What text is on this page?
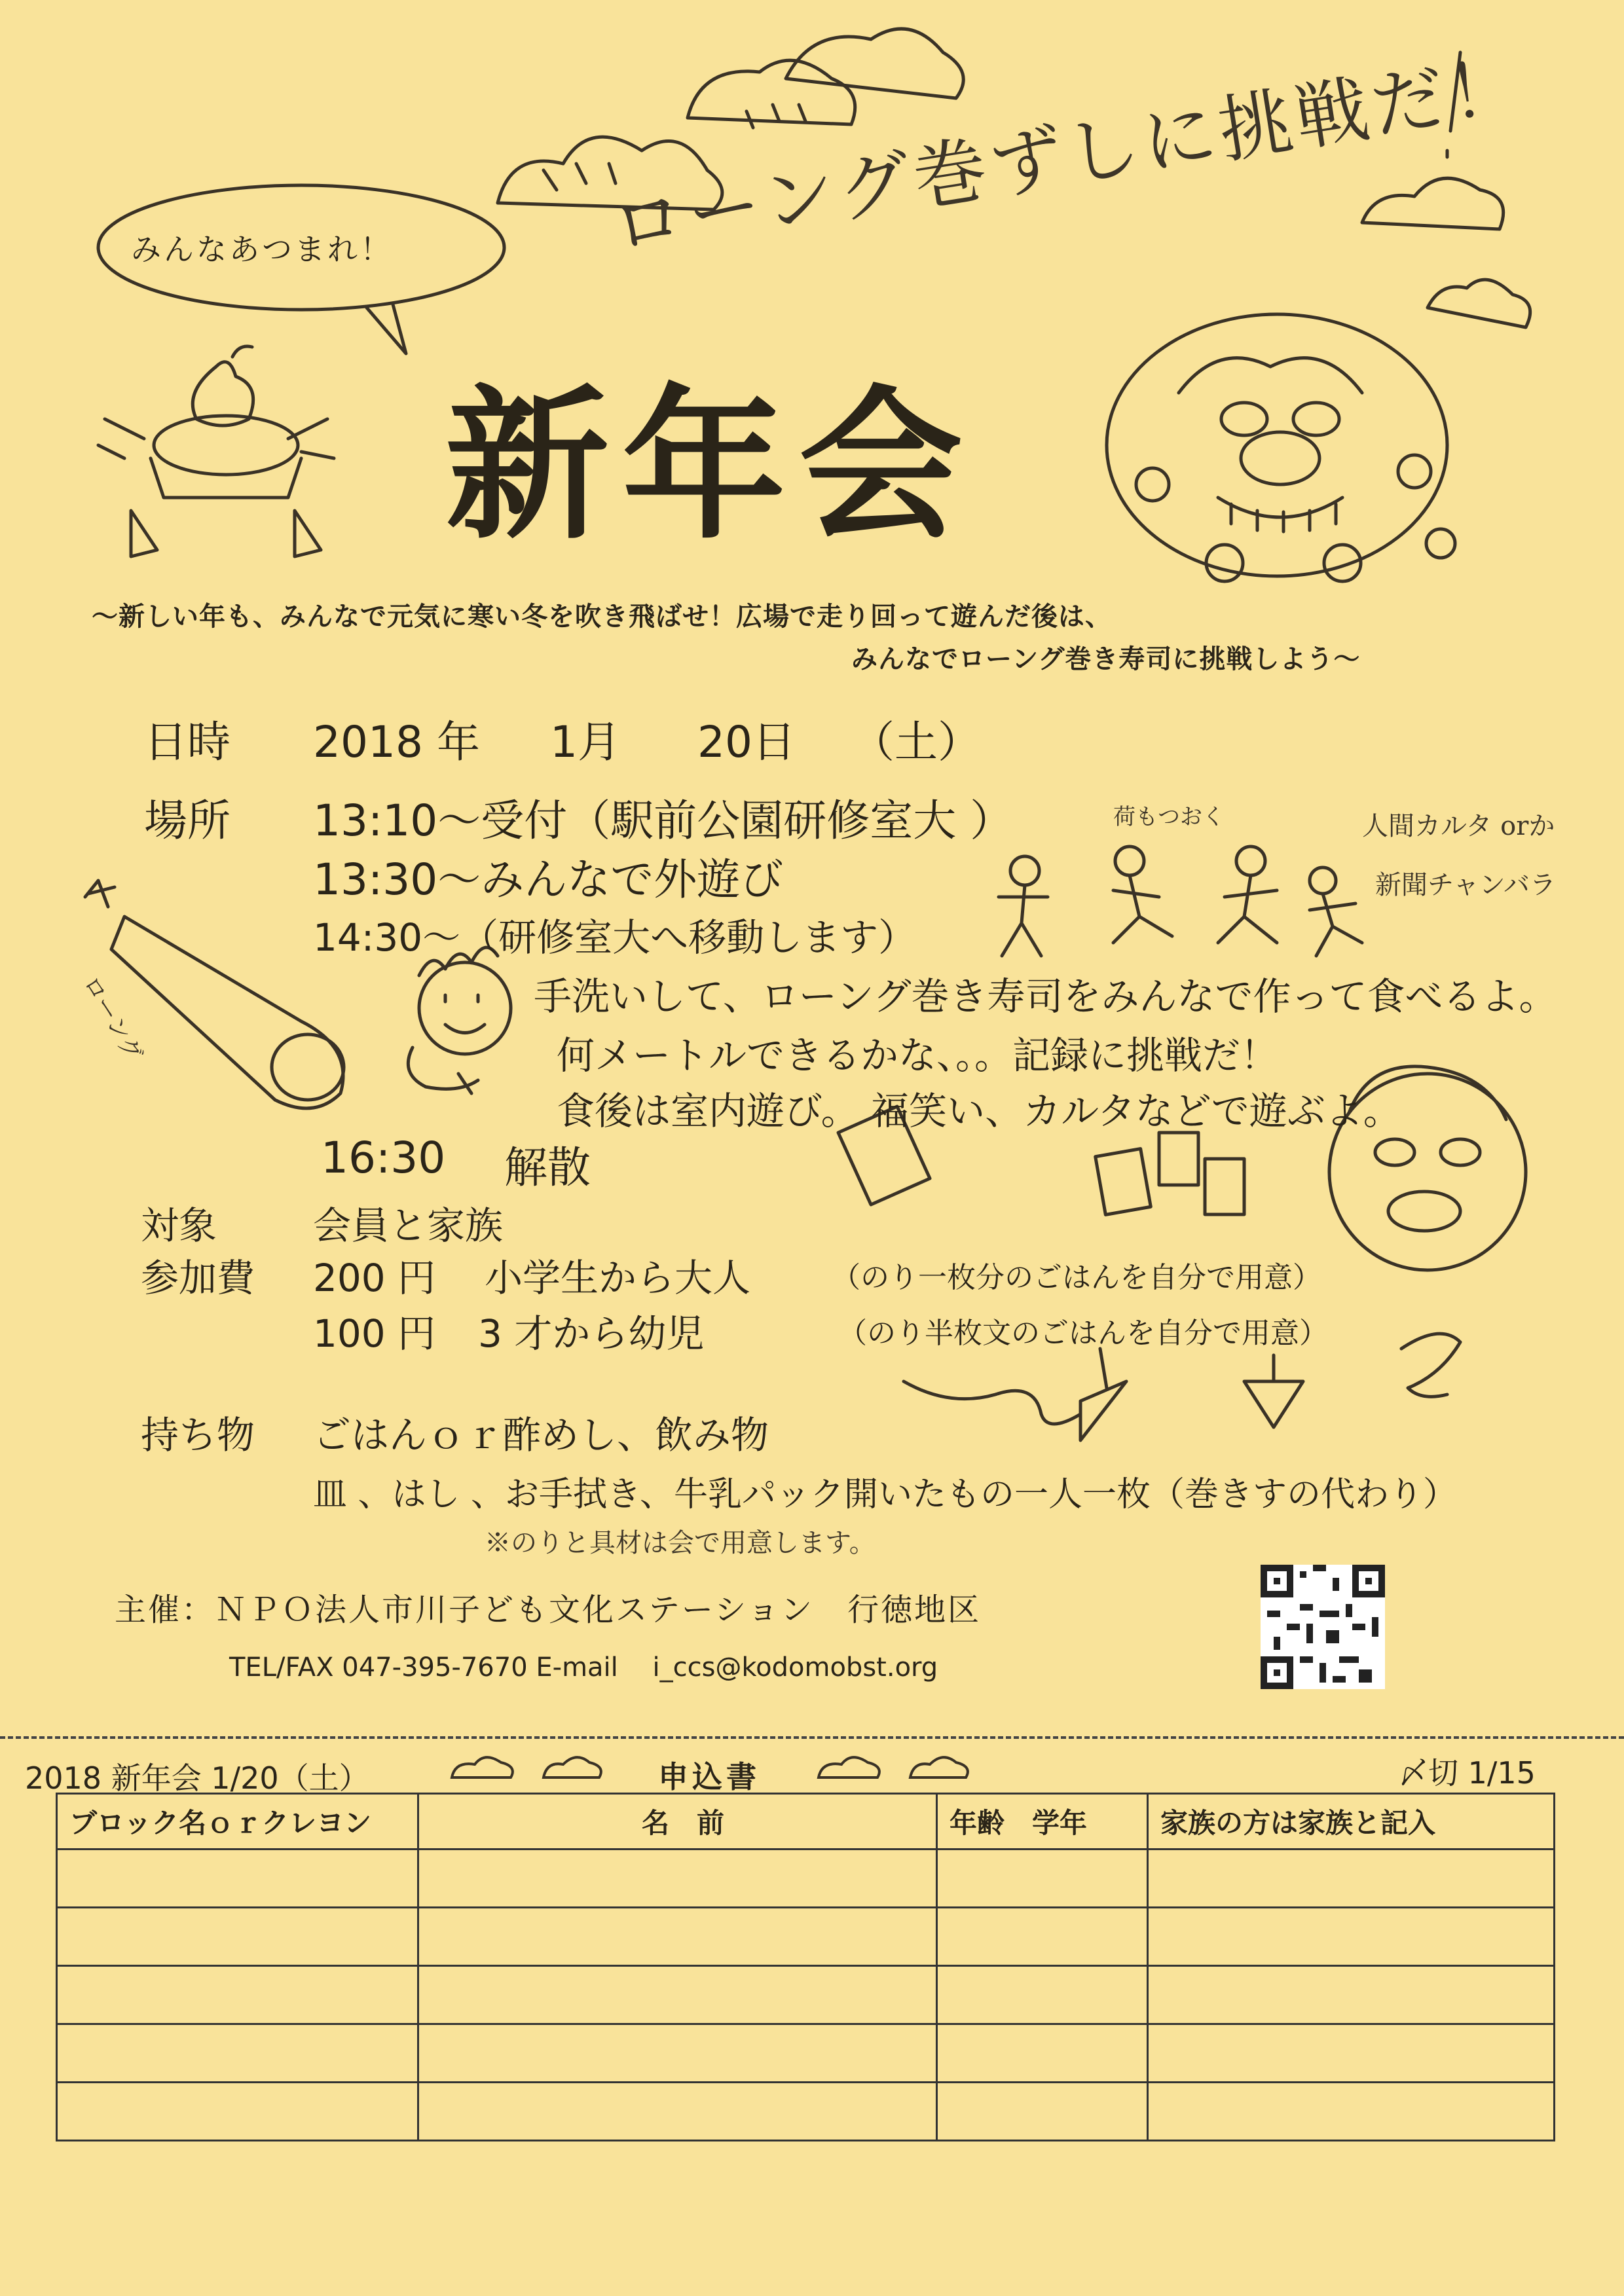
みんなあつまれ！	ローング巻ずしに挑戦だ！
新年会
～新しい年も、みんなで元気に寒い冬を吹き飛ばせ！広場で走り回って遊んだ後は、
みんなでローング巻き寿司に挑戦しよう～
日時 2018 年 1月 20日 （土）
場所 13:10～受付（駅前公園研修室大 ）
13:30～みんなで外遊び
14:30～（研修室大へ移動します）
手洗いして、ローング巻き寿司をみんなで作って食べるよ。
何メートルできるかな、。。記録に挑戦だ！
食後は室内遊び。 福笑い、カルタなどで遊ぶよ。
16:30 解散
荷もつおく	人間カルタ orか
新聞チャンバラ
ローング
対象	会員と家族
参加費 200 円 小学生から大人	（のり一枚分のごはんを自分で用意）
100 円 3 才から幼児	（のり半枚文のごはんを自分で用意）
持ち物 ごはんｏｒ酢めし、飲み物
皿 、はし 、お手拭き、牛乳パック開いたもの一人一枚（巻きすの代わり）
※のりと具材は会で用意します。
主催：ＮＰＯ法人市川子ども文化ステーション　行徳地区
TEL/FAX 047-395-7670 E-mail　 i_ccs@kodomobst.org
2018 新年会 1/20（土）	申込書	〆切 1/15
ブロック名ｏｒクレヨン	名　前	年齢　学年	家族の方は家族と記入
